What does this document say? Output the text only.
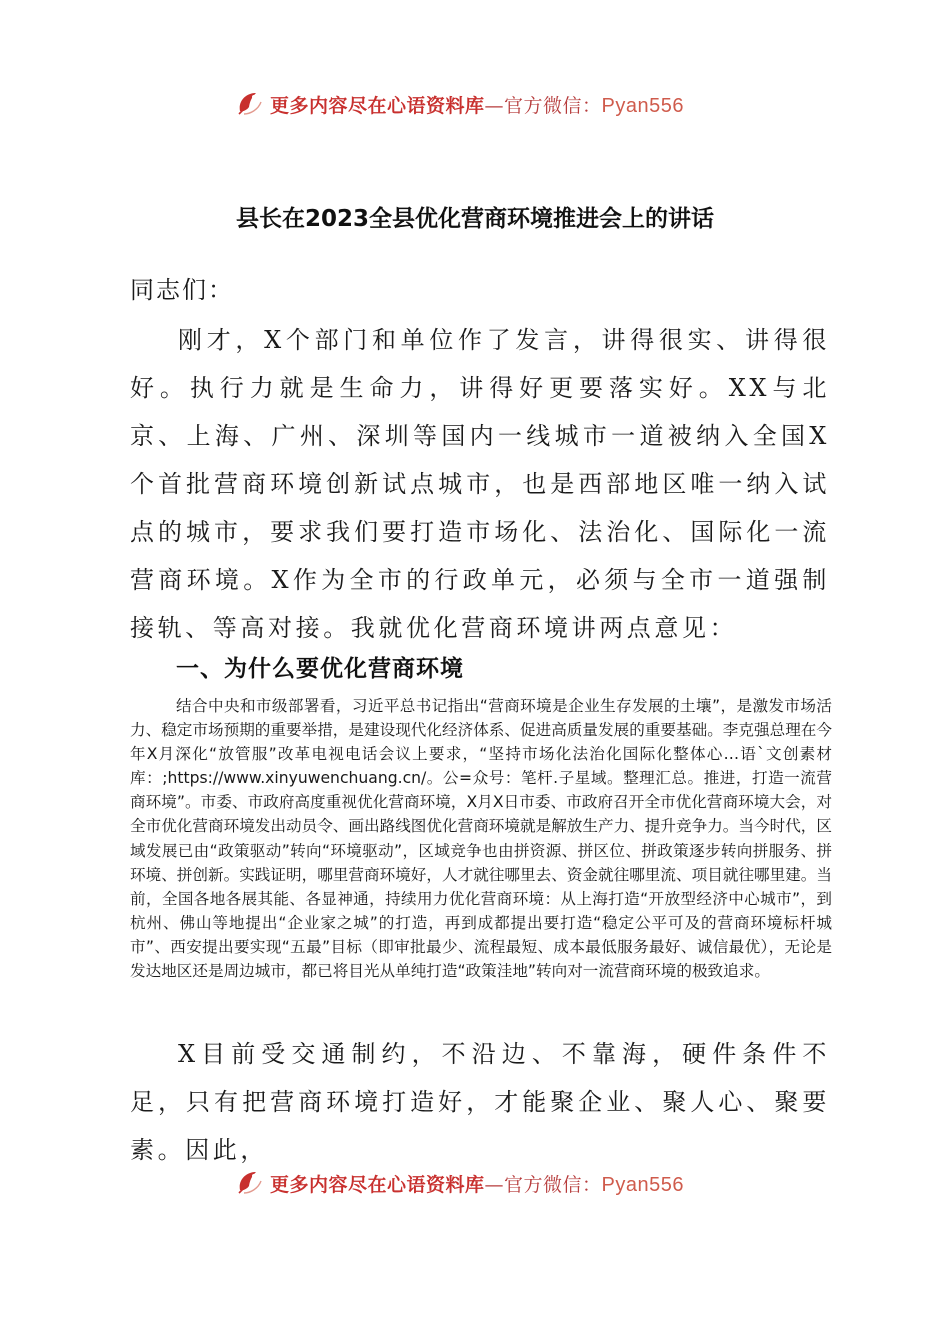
更多内容尽在心语资料库—官方微信：Pyan556
县长在2023全县优化营商环境推进会上的讲话

同志们：

刚才，X个部门和单位作了发言，讲得很实、讲得很好。执行力就是生命力，讲得好更要落实好。XX与北京、上海、广州、深圳等国内一线城市一道被纳入全国X个首批营商环境创新试点城市，也是西部地区唯一纳入试点的城市，要求我们要打造市场化、法治化、国际化一流营商环境。X作为全市的行政单元，必须与全市一道强制接轨、等高对接。我就优化营商环境讲两点意见：

一、为什么要优化营商环境

结合中央和市级部署看，习近平总书记指出“营商环境是企业生存发展的土壤”，是激发市场活力、稳定市场预期的重要举措，是建设现代化经济体系、促进高质量发展的重要基础。李克强总理在今年X月深化“放管服”改革电视电话会议上要求，“坚持市场化法治化国际化整体心…语`文创素材库：;https://www.xinyuwenchuang.cn/。公=众号：笔杆.子星域。整理汇总。推进，打造一流营商环境”。市委、市政府高度重视优化营商环境，X月X日市委、市政府召开全市优化营商环境大会，对全市优化营商环境发出动员令、画出路线图优化营商环境就是解放生产力、提升竞争力。当今时代，区域发展已由“政策驱动”转向“环境驱动”，区域竞争也由拼资源、拼区位、拼政策逐步转向拼服务、拼环境、拼创新。实践证明，哪里营商环境好，人才就往哪里去、资金就往哪里流、项目就往哪里建。当前，全国各地各展其能、各显神通，持续用力优化营商环境：从上海打造“开放型经济中心城市”，到杭州、佛山等地提出“企业家之城”的打造，再到成都提出要打造“稳定公平可及的营商环境标杆城市”、西安提出要实现“五最”目标（即审批最少、流程最短、成本最低服务最好、诚信最优），无论是发达地区还是周边城市，都已将目光从单纯打造“政策洼地”转向对一流营商环境的极致追求。

X目前受交通制约，不沿边、不靠海，硬件条件不足，只有把营商环境打造好，才能聚企业、聚人心、聚要素。因此，

更多内容尽在心语资料库—官方微信：Pyan556
